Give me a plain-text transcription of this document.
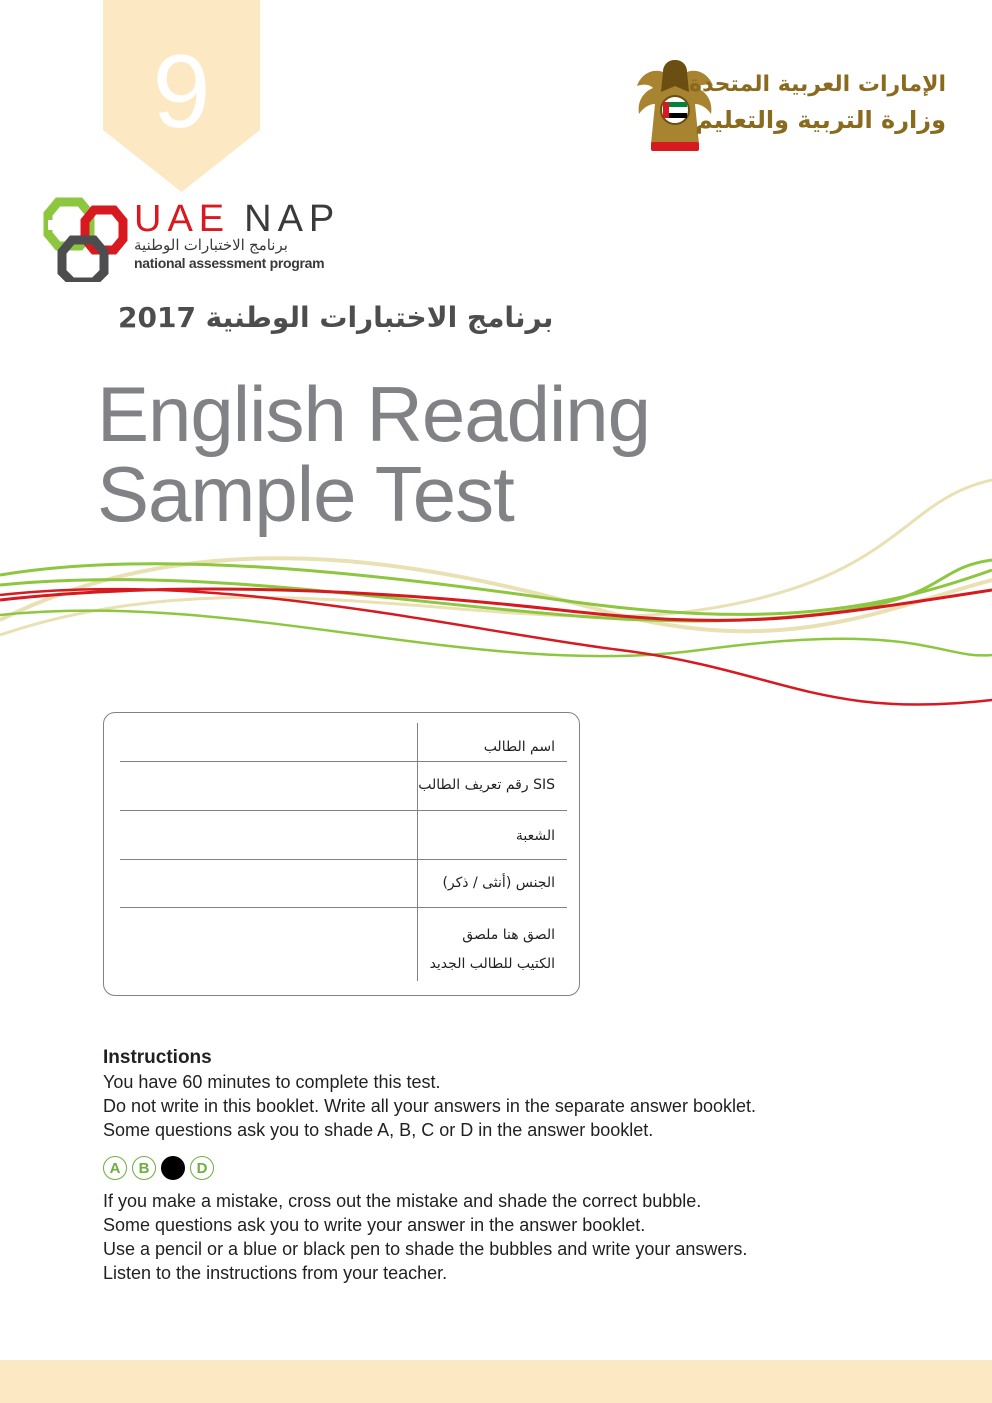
9
UAE NAP
برنامج الاختبارات الوطنية
national assessment program
الإمارات العربية المتحدة
وزارة التربية والتعليم
برنامج الاختبارات الوطنية 2017
English Reading
Sample Test
اسم الطالب
SIS رقم تعريف الطالب
الشعبة
الجنس (أنثى / ذكر)
الصق هنا ملصق
الكتيب للطالب الجديد
Instructions

You have 60 minutes to complete this test.

Do not write in this booklet. Write all your answers in the separate answer booklet.

Some questions ask you to shade A, B, C or D in the answer booklet.

A	B	C	D

If you make a mistake, cross out the mistake and shade the correct bubble.

Some questions ask you to write your answer in the answer booklet.

Use a pencil or a blue or black pen to shade the bubbles and write your answers.

Listen to the instructions from your teacher.
